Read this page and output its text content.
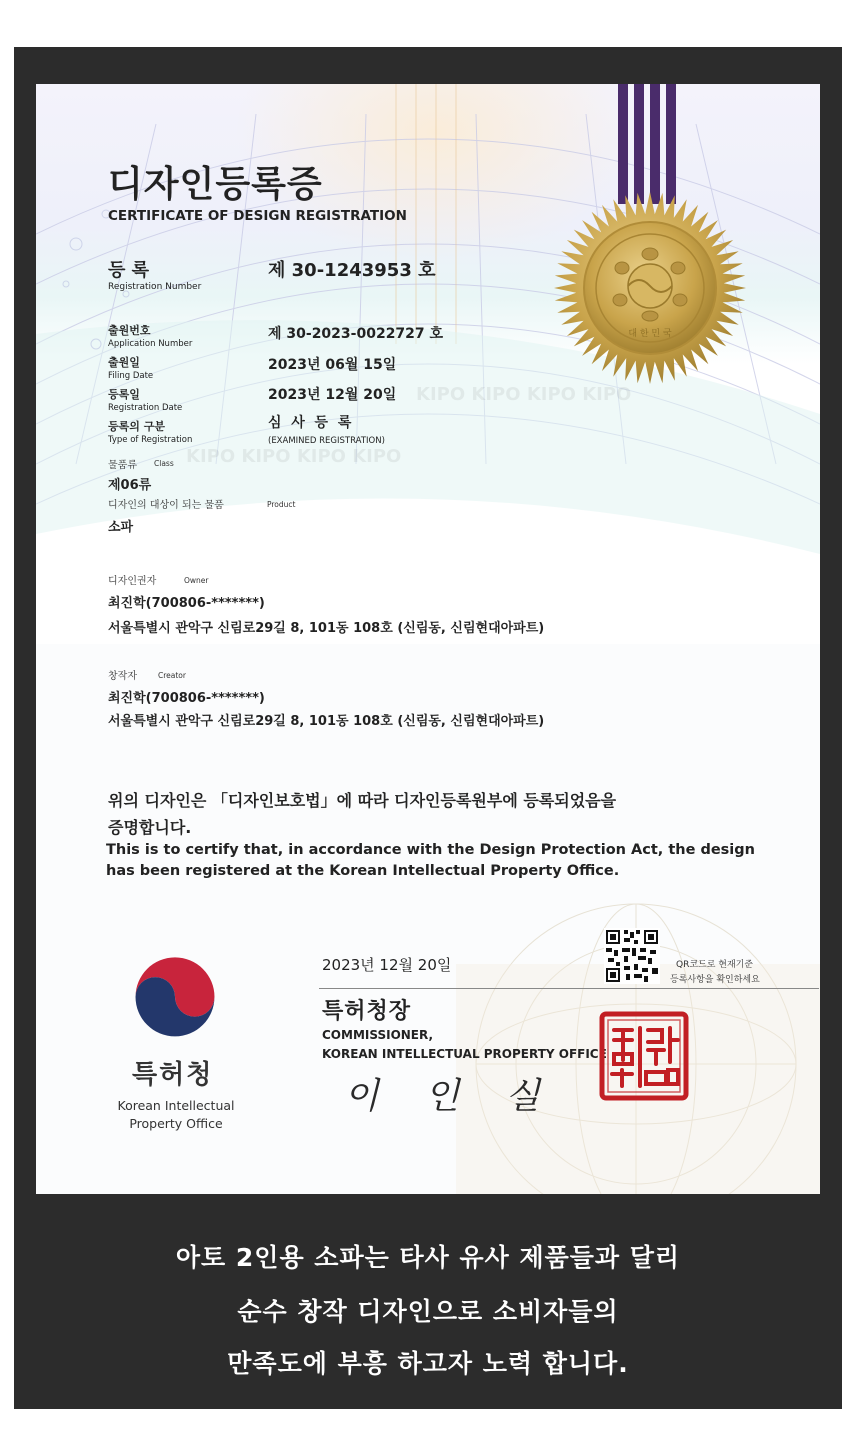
KIPO KIPO KIPO KIPO
KIPO KIPO KIPO KIPO
대 한 민 국
디자인등록증
CERTIFICATE OF DESIGN REGISTRATION
등 록
Registration Number
제 30-1243953 호
출원번호
Application Number
제 30-2023-0022727 호
출원일
Filing Date
2023년 06월 15일
등록일
Registration Date
2023년 12월 20일
등록의 구분
Type of Registration
심  사  등  록
(EXAMINED REGISTRATION)
물품류 Class
제06류
디자인의 대상이 되는 물품	Product
소파
디자인권자	Owner
최진학(700806-*******)
서울특별시 관악구 신림로29길 8, 101동 108호 (신림동, 신림현대아파트)
창작자	Creator
최진학(700806-*******)
서울특별시 관악구 신림로29길 8, 101동 108호 (신림동, 신림현대아파트)
위의 디자인은 「디자인보호법」에 따라 디자인등록원부에 등록되었음을
증명합니다.
This is to certify that, in accordance with the Design Protection Act, the design
has been registered at the Korean Intellectual Property Office.
특허청
Korean Intellectual
Property Office
2023년 12월 20일	QR코드로 현재기준
등록사항을 확인하세요
특허청장
COMMISSIONER,
KOREAN INTELLECTUAL PROPERTY OFFICE
이    인    실
아토 2인용 소파는 타사 유사 제품들과 달리
순수 창작 디자인으로 소비자들의
만족도에 부흥 하고자 노력 합니다.
